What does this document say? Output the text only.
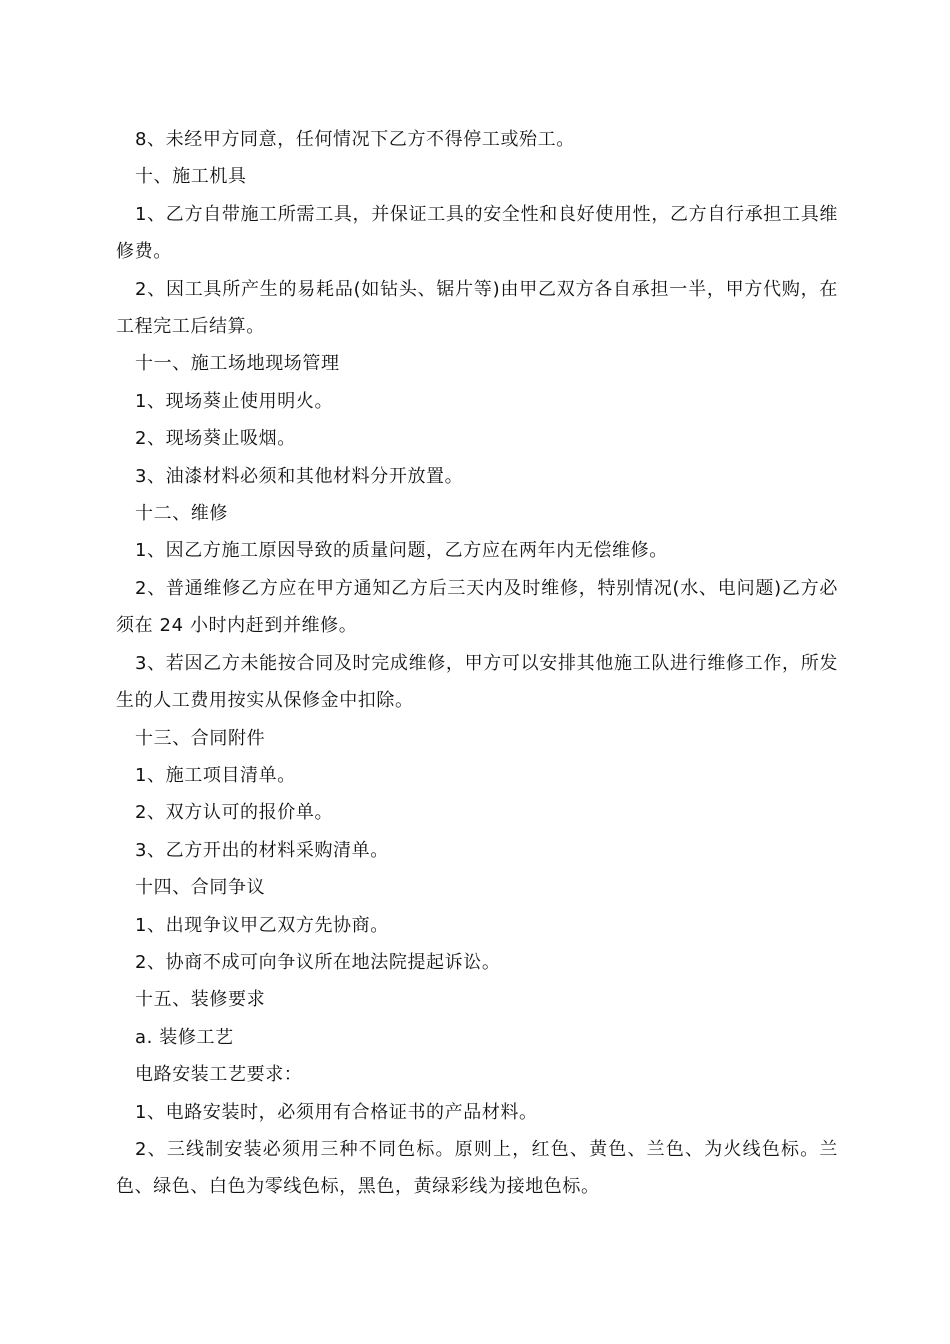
8、未经甲方同意，任何情况下乙方不得停工或殆工。

十、施工机具

1、乙方自带施工所需工具，并保证工具的安全性和良好使用性，乙方自行承担工具维修费。

2、因工具所产生的易耗品(如钻头、锯片等)由甲乙双方各自承担一半，甲方代购，在工程完工后结算。

十一、施工场地现场管理

1、现场葵止使用明火。

2、现场葵止吸烟。

3、油漆材料必须和其他材料分开放置。

十二、维修

1、因乙方施工原因导致的质量问题，乙方应在两年内无偿维修。

2、普通维修乙方应在甲方通知乙方后三天内及时维修，特别情况(水、电问题)乙方必须在 24 小时内赶到并维修。

3、若因乙方未能按合同及时完成维修，甲方可以安排其他施工队进行维修工作，所发生的人工费用按实从保修金中扣除。

十三、合同附件

1、施工项目清单。

2、双方认可的报价单。

3、乙方开出的材料采购清单。

十四、合同争议

1、出现争议甲乙双方先协商。

2、协商不成可向争议所在地法院提起诉讼。

十五、装修要求

a. 装修工艺

电路安装工艺要求：

1、电路安装时，必须用有合格证书的产品材料。

2、三线制安装必须用三种不同色标。原则上，红色、黄色、兰色、为火线色标。兰色、绿色、白色为零线色标，黑色，黄绿彩线为接地色标。
